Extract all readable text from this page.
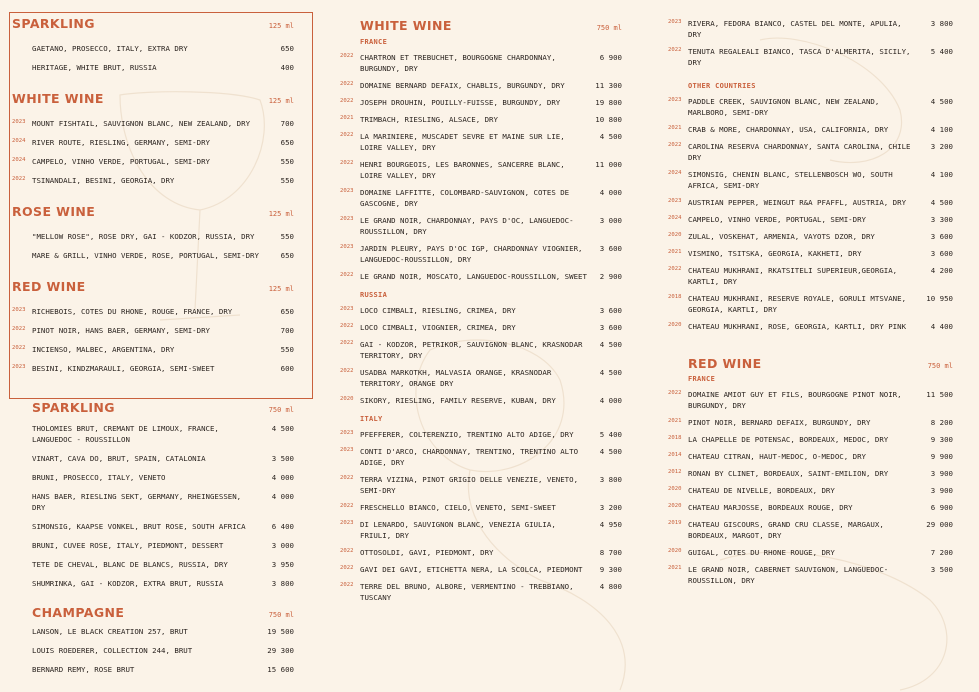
SPARKLING	125 ml
GAETANO, PROSECCO, ITALY, EXTRA DRY	650
HERITAGE, WHITE BRUT, RUSSIA	400
WHITE WINE	125 ml
2023 MOUNT FISHTAIL, SAUVIGNON BLANC, NEW ZEALAND, DRY	700
2024 RIVER ROUTE, RIESLING, GERMANY, SEMI-DRY	650
2024 CAMPELO, VINHO VERDE, PORTUGAL, SEMI-DRY	550
2022 TSINANDALI, BESINI, GEORGIA, DRY	550
ROSE WINE	125 ml
"MELLOW ROSE", ROSE DRY, GAI - KODZOR, RUSSIA, DRY	550
MARE & GRILL, VINHO VERDE, ROSE, PORTUGAL, SEMI-DRY	650
RED WINE	125 ml
2023 RICHEBOIS, COTES DU RHONE, ROUGE, FRANCE, DRY	650
2022 PINOT NOIR, HANS BAER, GERMANY, SEMI-DRY	700
2022 INCIENSO, MALBEC, ARGENTINA, DRY	550
2023 BESINI, KINDZMARAULI, GEORGIA, SEMI-SWEET	600
SPARKLING	750 ml
THOLOMIES BRUT, CREMANT DE LIMOUX, FRANCE, LANGUEDOC - ROUSSILLON
4 500
VINART, CAVA DO, BRUT, SPAIN, CATALONIA	3 500
BRUNI, PROSECCO, ITALY, VENETO	4 000
HANS BAER, RIESLING SEKT, GERMANY, RHEINGESSEN, DRY
4 000
SIMONSIG, KAAPSE VONKEL, BRUT ROSE, SOUTH AFRICA	6 400
BRUNI, CUVEE ROSE, ITALY, PIEDMONT, DESSERT	3 000
TETE DE CHEVAL, BLANC DE BLANCS, RUSSIA, DRY	3 950
SHUMRINKA, GAI - KODZOR, EXTRA BRUT, RUSSIA	3 800
CHAMPAGNE	750 ml
LANSON, LE BLACK CREATION 257, BRUT	19 500
LOUIS ROEDERER, COLLECTION 244, BRUT	29 300
BERNARD REMY, ROSE BRUT	15 600
WHITE WINE	750 ml
FRANCE
2022 CHARTRON ET TREBUCHET, BOURGOGNE CHARDONNAY, BURGUNDY, DRY
6 900
2022 DOMAINE BERNARD DEFAIX, CHABLIS, BURGUNDY, DRY	11 300
2022 JOSEPH DROUHIN, POUILLY-FUISSE, BURGUNDY, DRY	19 800
2021 TRIMBACH, RIESLING, ALSACE, DRY	10 800
2022 LA MARINIERE, MUSCADET SEVRE ET MAINE SUR LIE, LOIRE VALLEY, DRY
4 500
2022 HENRI BOURGEOIS, LES BARONNES, SANCERRE BLANC, LOIRE VALLEY, DRY
11 000
2023 DOMAINE LAFFITTE, COLOMBARD-SAUVIGNON, COTES DE GASCOGNE, DRY
4 000
2023 LE GRAND NOIR, CHARDONNAY, PAYS D'OC, LANGUEDOC-ROUSSILLON, DRY
3 000
2023 JARDIN PLEURY, PAYS D'OC IGP, CHARDONNAY VIOGNIER, LANGUEDOC-ROUSSILLON, DRY
3 600
2022 LE GRAND NOIR, MOSCATO, LANGUEDOC-ROUSSILLON, SWEET	2 900
RUSSIA
2023 LOCO CIMBALI, RIESLING, CRIMEA, DRY	3 600
2022 LOCO CIMBALI, VIOGNIER, CRIMEA, DRY	3 600
2022 GAI - KODZOR, PETRIKOR, SAUVIGNON BLANC, KRASNODAR TERRITORY, DRY
4 500
2022 USADBA MARKOTKH, MALVASIA ORANGE, KRASNODAR TERRITORY, ORANGE DRY
4 500
2020 SIKORY, RIESLING, FAMILY RESERVE, KUBAN, DRY	4 000
ITALY
2023 PFEFFERER, COLTERENZIO, TRENTINO ALTO ADIGE, DRY	5 400
2023 CONTI D'ARCO, CHARDONNAY, TRENTINO, TRENTINO ALTO ADIGE, DRY
4 500
2022 TERRA VIZINA, PINOT GRIGIO DELLE VENEZIE, VENETO, SEMI-DRY
3 800
2022 FRESCHELLO BIANCO, CIELO, VENETO, SEMI-SWEET	3 200
2023 DI LENARDO, SAUVIGNON BLANC, VENEZIA GIULIA, FRIULI, DRY
4 950
2022 OTTOSOLDI, GAVI, PIEDMONT, DRY	8 700
2022 GAVI DEI GAVI, ETICHETTA NERA, LA SCOLCA, PIEDMONT	9 300
2022 TERRE DEL BRUNO, ALBORE, VERMENTINO - TREBBIANO, TUSCANY
4 800
2023 RIVERA, FEDORA BIANCO, CASTEL DEL MONTE, APULIA, DRY
3 800
2022 TENUTA REGALEALI BIANCO, TASCA D'ALMERITA, SICILY, DRY
5 400
OTHER COUNTRIES
2023 PADDLE CREEK, SAUVIGNON BLANC, NEW ZEALAND, MARLBORO, SEMI-DRY
4 500
2021 CRAB & MORE, CHARDONNAY, USA, CALIFORNIA, DRY	4 100
2022 CAROLINA RESERVA CHARDONNAY, SANTA CAROLINA, CHILE DRY
3 200
2024 SIMONSIG, CHENIN BLANC, STELLENBOSCH WO, SOUTH AFRICA, SEMI-DRY
4 100
2023 AUSTRIAN PEPPER, WEINGUT R&A PFAFFL, AUSTRIA, DRY	4 500
2024 CAMPELO, VINHO VERDE, PORTUGAL, SEMI-DRY	3 300
2020 ZULAL, VOSKEHAT, ARMENIA, VAYOTS DZOR, DRY	3 600
2021 VISMINO, TSITSKA, GEORGIA, KAKHETI, DRY	3 600
2022 CHATEAU MUKHRANI, RKATSITELI SUPERIEUR,GEORGIA, KARTLI, DRY
4 200
2018 CHATEAU MUKHRANI, RESERVE ROYALE, GORULI MTSVANE, GEORGIA, KARTLI, DRY
10 950
2020 CHATEAU MUKHRANI, ROSE, GEORGIA, KARTLI, DRY PINK	4 400
RED WINE	750 ml
FRANCE
2022 DOMAINE AMIOT GUY ET FILS, BOURGOGNE PINOT NOIR, BURGUNDY, DRY
11 500
2021 PINOT NOIR, BERNARD DEFAIX, BURGUNDY, DRY	8 200
2018 LA CHAPELLE DE POTENSAC, BORDEAUX, MEDOC, DRY	9 300
2014 CHATEAU CITRAN, HAUT-MEDOC, O-MEDOC, DRY	9 900
2012 RONAN BY CLINET, BORDEAUX, SAINT-EMILION, DRY	3 900
2020 CHATEAU DE NIVELLE, BORDEAUX, DRY	3 900
2020 CHATEAU MARJOSSE, BORDEAUX ROUGE, DRY	6 900
2019 CHATEAU GISCOURS, GRAND CRU CLASSE, MARGAUX, BORDEAUX, MARGOT, DRY
29 000
2020 GUIGAL, COTES DU RHONE ROUGE, DRY	7 200
2021 LE GRAND NOIR, CABERNET SAUVIGNON, LANGUEDOC-ROUSSILLON, DRY
3 500
